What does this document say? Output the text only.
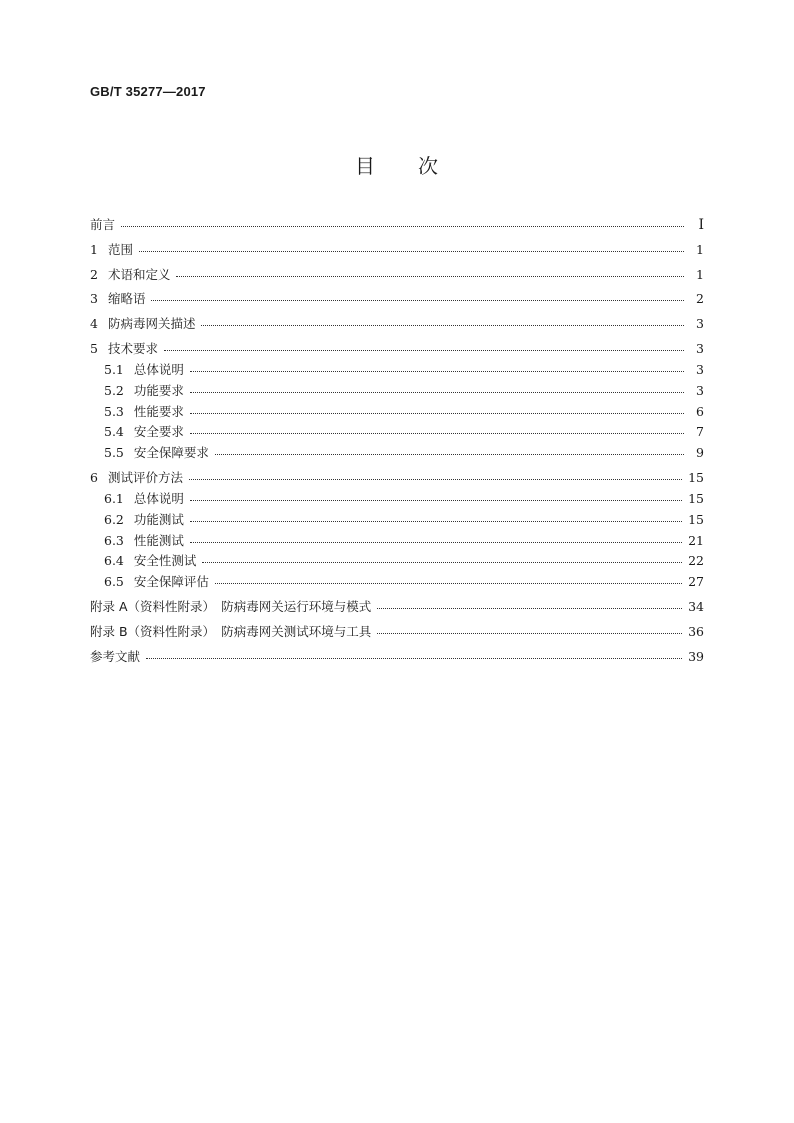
GB/T 35277—2017
目 次
前言	I
1 范围	1
2 术语和定义	1
3 缩略语	2
4 防病毒网关描述	3
5 技术要求	3
5.1 总体说明	3
5.2 功能要求	3
5.3 性能要求	6
5.4 安全要求	7
5.5 安全保障要求	9
6 测试评价方法	15
6.1 总体说明	15
6.2 功能测试	15
6.3 性能测试	21
6.4 安全性测试	22
6.5 安全保障评估	27
附录 A（资料性附录）　防病毒网关运行环境与模式	34
附录 B（资料性附录）　防病毒网关测试环境与工具	36
参考文献	39
